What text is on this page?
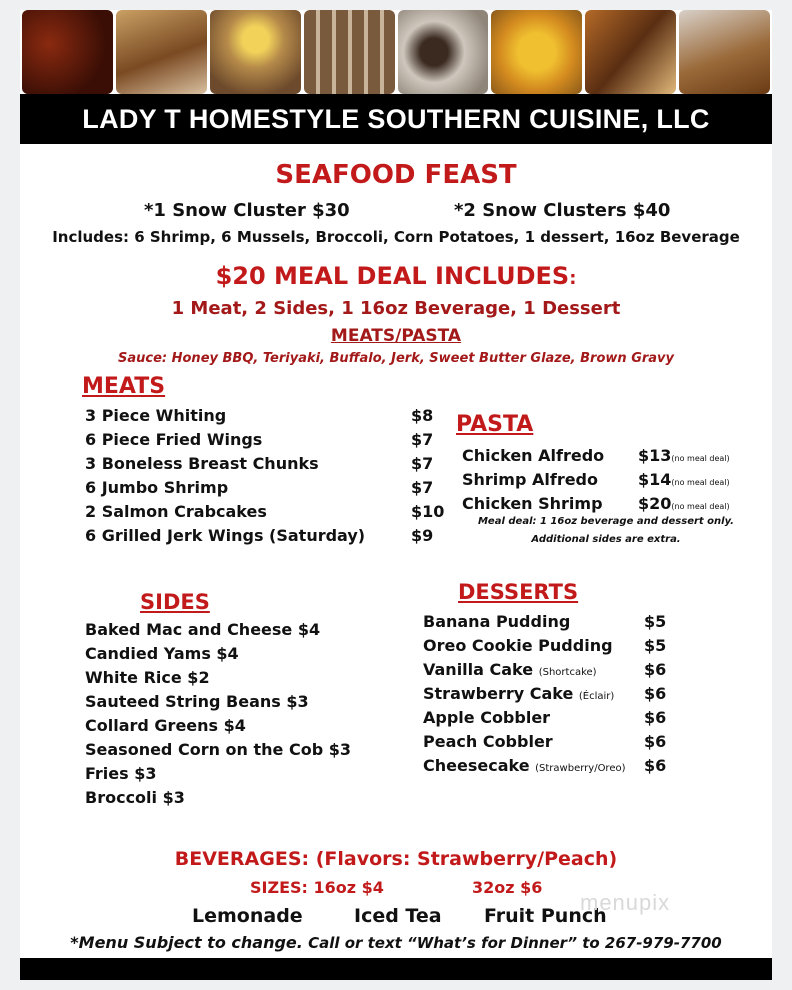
LADY T HOMESTYLE SOUTHERN CUISINE, LLC
SEAFOOD FEAST
*1 Snow Cluster $30	*2 Snow Clusters $40
Includes: 6 Shrimp, 6 Mussels, Broccoli, Corn Potatoes, 1 dessert, 16oz Beverage
$20 MEAL DEAL INCLUDES:
1 Meat, 2 Sides, 1 16oz Beverage, 1 Dessert
MEATS/PASTA
Sauce: Honey BBQ, Teriyaki, Buffalo, Jerk, Sweet Butter Glaze, Brown Gravy
MEATS
3 Piece Whiting	$8
6 Piece Fried Wings	$7
3 Boneless Breast Chunks	$7
6 Jumbo Shrimp	$7
2 Salmon Crabcakes	$10
6 Grilled Jerk Wings (Saturday)	$9
PASTA
Chicken Alfredo $13(no meal deal)
Shrimp Alfredo	$14(no meal deal)
Chicken Shrimp $20(no meal deal)
Meal deal: 1 16oz beverage and dessert only.
Additional sides are extra.
SIDES
Baked Mac and Cheese $4
Candied Yams $4
White Rice $2
Sauteed String Beans $3
Collard Greens $4
Seasoned Corn on the Cob $3
Fries $3
Broccoli $3
DESSERTS
Banana Pudding	$5
Oreo Cookie Pudding $5
Vanilla Cake (Shortcake)	$6
Strawberry Cake (Éclair) $6
Apple Cobbler	$6
Peach Cobbler	$6
Cheesecake (Strawberry/Oreo) $6
BEVERAGES: (Flavors: Strawberry/Peach)
SIZES: 16oz $4	32oz $6
Lemonade	Iced Tea Fruit Punch
menupix
*Menu Subject to change. Call or text “What’s for Dinner” to 267-979-7700
